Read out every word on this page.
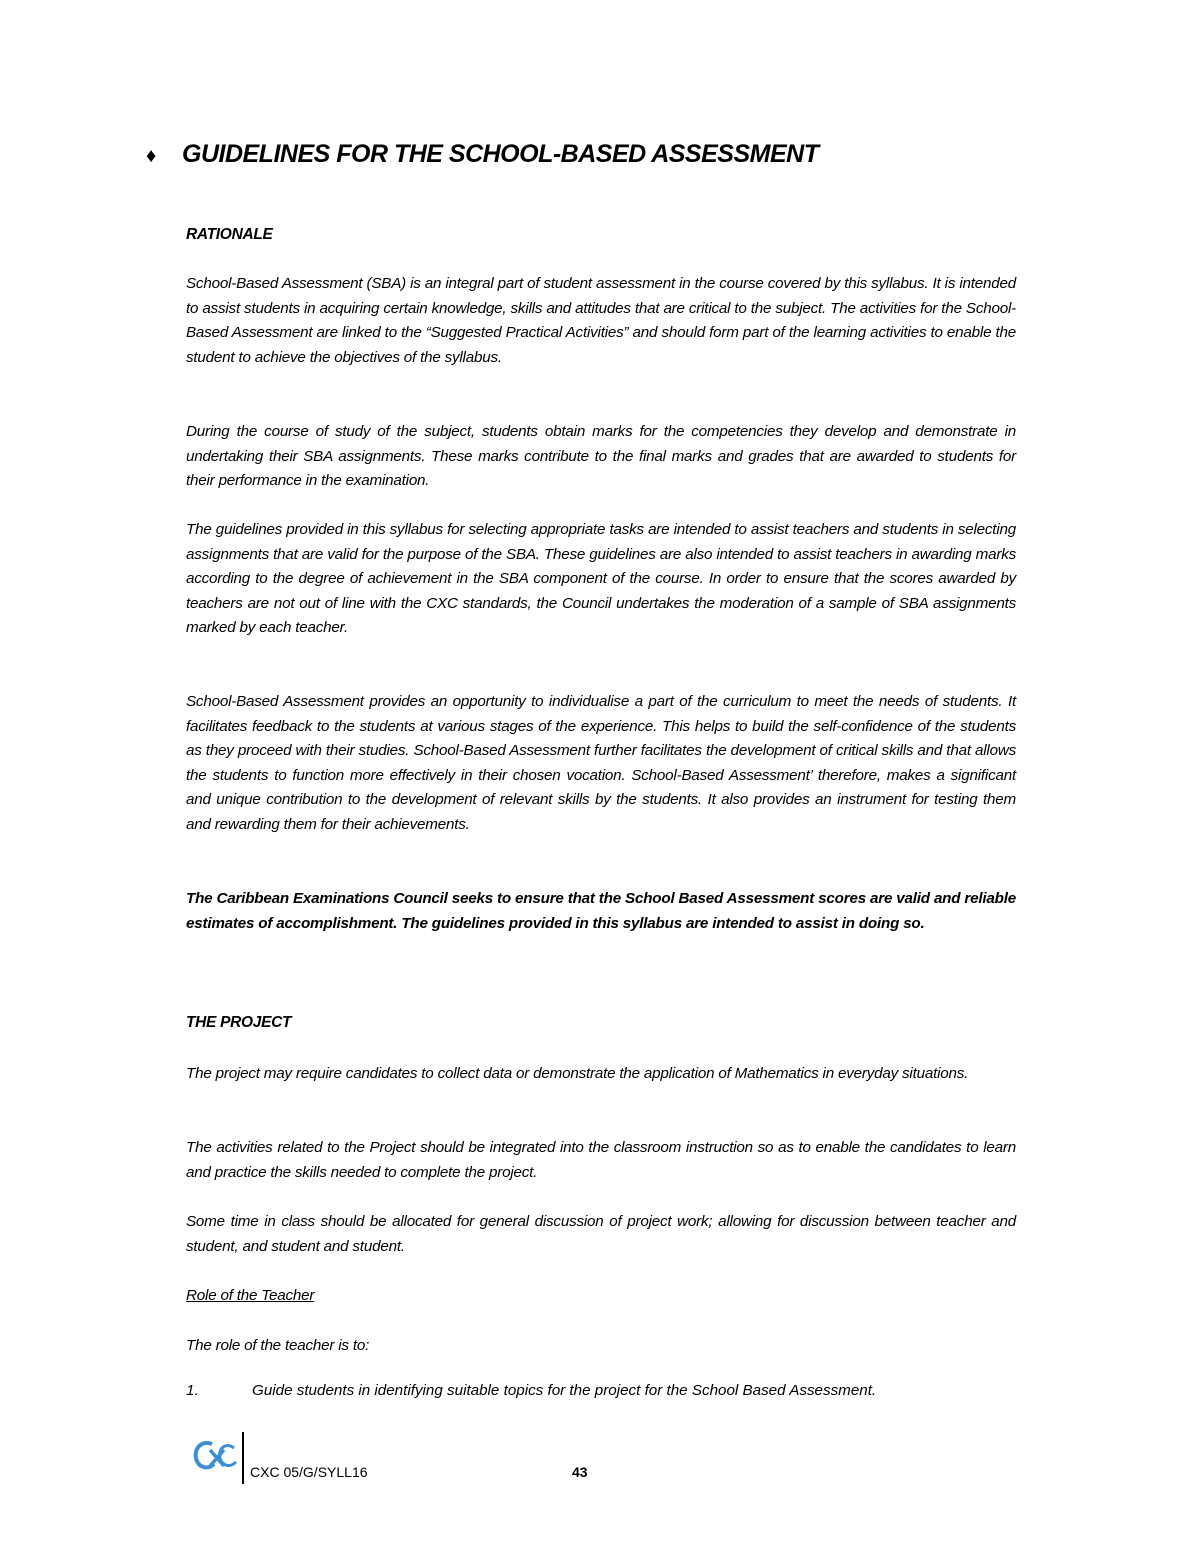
♦ GUIDELINES FOR THE SCHOOL-BASED ASSESSMENT
RATIONALE
School-Based Assessment (SBA) is an integral part of student assessment in the course covered by this syllabus. It is intended to assist students in acquiring certain knowledge, skills and attitudes that are critical to the subject. The activities for the School-Based Assessment are linked to the “Suggested Practical Activities” and should form part of the learning activities to enable the student to achieve the objectives of the syllabus.
During the course of study of the subject, students obtain marks for the competencies they develop and demonstrate in undertaking their SBA assignments. These marks contribute to the final marks and grades that are awarded to students for their performance in the examination.
The guidelines provided in this syllabus for selecting appropriate tasks are intended to assist teachers and students in selecting assignments that are valid for the purpose of the SBA. These guidelines are also intended to assist teachers in awarding marks according to the degree of achievement in the SBA component of the course. In order to ensure that the scores awarded by teachers are not out of line with the CXC standards, the Council undertakes the moderation of a sample of SBA assignments marked by each teacher.
School-Based Assessment provides an opportunity to individualise a part of the curriculum to meet the needs of students. It facilitates feedback to the students at various stages of the experience. This helps to build the self-confidence of the students as they proceed with their studies. School-Based Assessment further facilitates the development of critical skills and that allows the students to function more effectively in their chosen vocation. School-Based Assessment’ therefore, makes a significant and unique contribution to the development of relevant skills by the students. It also provides an instrument for testing them and rewarding them for their achievements.
The Caribbean Examinations Council seeks to ensure that the School Based Assessment scores are valid and reliable estimates of accomplishment. The guidelines provided in this syllabus are intended to assist in doing so.
THE PROJECT
The project may require candidates to collect data or demonstrate the application of Mathematics in everyday situations.
The activities related to the Project should be integrated into the classroom instruction so as to enable the candidates to learn and practice the skills needed to complete the project.
Some time in class should be allocated for general discussion of project work; allowing for discussion between teacher and student, and student and student.
Role of the Teacher
The role of the teacher is to:
1.	Guide students in identifying suitable topics for the project for the School Based Assessment.
CXC 05/G/SYLL16	43
